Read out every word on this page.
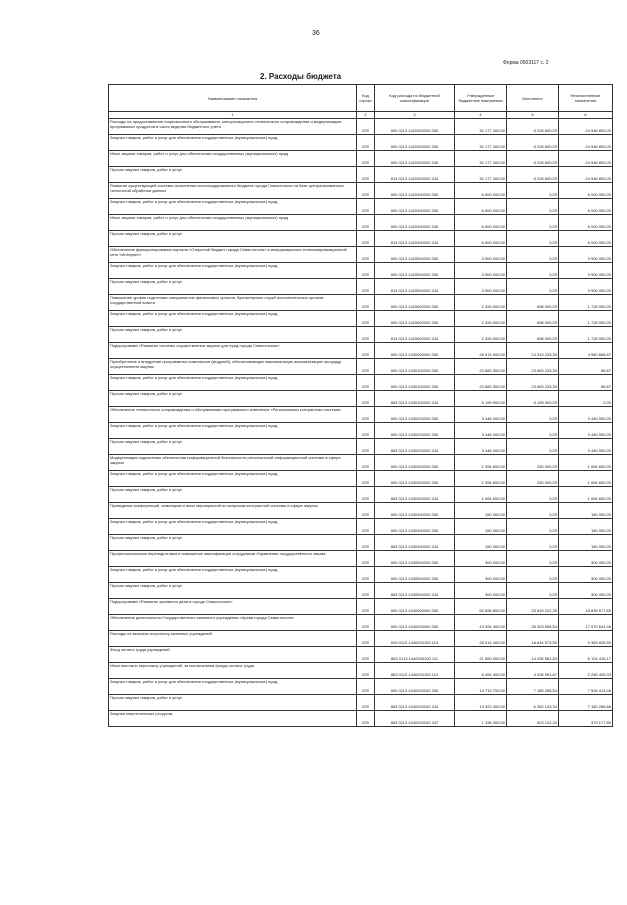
36
Форма 0503117 с. 2
2. Расходы бюджета
Наименование показателя	Код строки	Код расхода по бюджетной классификации	Утвержденные бюджетные назначения	Исполнено	Неисполненные назначения
1	2	3	4	5	6
Расходы на предоставление лицензионного обслуживания, консультационно-технического сопровождения и модернизацию программных продуктов в части ведения бюджетного учета	200	000 0113 1420300200 000	30 177 400,00	5 228 600,00	24 948 800,00
Закупка товаров, работ и услуг для обеспечения государственных (муниципальных) нужд	200	000 0113 1420300200 200	30 177 400,00	5 228 600,00	24 948 800,00
Иные закупки товаров, работ и услуг для обеспечения государственных (муниципальных) нужд	200	000 0113 1420300200 240	30 177 400,00	5 228 600,00	24 948 800,00
Прочая закупка товаров, работ и услуг	200	814 0113 1420300200 244	30 177 400,00	5 228 600,00	24 948 800,00
Развитие существующей системы исполнения консолидированного бюджета города Севастополя на базе централизованных технологий обработки данных	200	000 0113 1420400200 000	6 000 000,00	0,00	6 000 000,00
Закупка товаров, работ и услуг для обеспечения государственных (муниципальных) нужд	200	000 0113 1420400200 200	6 000 000,00	0,00	6 000 000,00
Иные закупки товаров, работ и услуг для обеспечения государственных (муниципальных) нужд	200	000 0113 1420400200 240	6 000 000,00	0,00	6 000 000,00
Прочая закупка товаров, работ и услуг	200	814 0113 1420400200 244	6 000 000,00	0,00	6 000 000,00
Обеспечение функционирования портала «Открытый бюджет города Севастополя» в информационно-телекоммуникационной сети «Интернет»	200	000 0113 1420500200 000	3 900 000,00	0,00	3 900 000,00
Закупка товаров, работ и услуг для обеспечения государственных (муниципальных) нужд	200	000 0113 1420500200 200	3 900 000,00	0,00	3 900 000,00
Прочая закупка товаров, работ и услуг	200	814 0113 1420500200 244	3 900 000,00	0,00	3 900 000,00
Повышение уровня подготовки специалистов финансовых органов, бухгалтерских служб исполнительных органов государственной власти	200	000 0113 1420600200 000	2 326 000,00	598 000,00	1 728 000,00
Закупка товаров, работ и услуг для обеспечения государственных (муниципальных) нужд	200	000 0113 1420600200 200	2 326 000,00	598 000,00	1 728 000,00
Прочая закупка товаров, работ и услуг	200	814 0113 1420600200 244	2 326 000,00	598 000,00	1 728 000,00
Подпрограмма «Развитие системы осуществления закупок для нужд города Севастополя»	200	000 0113 1430000000 000	28 974 900,00	24 013 233,33	4 960 666,67
Приобретение и внедрение программных комплексов (модулей), обеспечивающих максимальную автоматизацию процедур осуществления закупок	200	000 0113 1430100200 000	23 683 300,00	23 683 233,33	66,67
Закупка товаров, работ и услуг для обеспечения государственных (муниципальных) нужд	200	000 0113 1430100200 200	23 683 300,00	23 683 233,33	66,67
Прочая закупка товаров, работ и услуг	200	863 0113 1430100200 244	5 199 900,00	5 199 900,00	0,00
Обеспечение технического сопровождения и обслуживания программного комплекса «Региональная контрактная система»	200	000 0113 1430200200 000	3 446 000,00	0,00	3 446 000,00
Закупка товаров, работ и услуг для обеспечения государственных (муниципальных) нужд	200	000 0113 1430200200 200	3 446 000,00	0,00	3 446 000,00
Прочая закупка товаров, работ и услуг	200	863 0113 1430200200 244	3 446 000,00	0,00	3 446 000,00
Модернизация подсистемы обеспечения информационной безопасности региональной информационной системы в сфере закупок	200	000 0113 1430300200 000	1 394 600,00	330 000,00	1 064 600,00
Закупка товаров, работ и услуг для обеспечения государственных (муниципальных) нужд	200	000 0113 1430300200 200	1 394 600,00	330 000,00	1 064 600,00
Прочая закупка товаров, работ и услуг	200	863 0113 1430300200 244	1 064 600,00	0,00	1 064 600,00
Проведение конференций, семинаров и иных мероприятий по вопросам контрактной системы в сфере закупок	200	000 0113 1430400200 000	150 000,00	0,00	150 000,00
Закупка товаров, работ и услуг для обеспечения государственных (муниципальных) нужд	200	000 0113 1430400200 200	150 000,00	0,00	150 000,00
Прочая закупка товаров, работ и услуг	200	863 0113 1430400200 244	150 000,00	0,00	150 000,00
Профессиональная переподготовка и повышение квалификации сотрудников Управления государственного заказа	200	000 0113 1430500200 000	300 000,00	0,00	300 000,00
Закупка товаров, работ и услуг для обеспечения государственных (муниципальных) нужд	200	000 0113 1430500200 200	300 000,00	0,00	300 000,00
Прочая закупка товаров, работ и услуг	200	863 0113 1430500200 244	300 000,00	0,00	300 000,00
Подпрограмма «Развитие архивного дела в городе Севастополе»	200	000 0113 1440000000 000	52 658 800,00	33 819 222,35	18 839 577,65
Обеспечение деятельности Государственного казенного учреждения «Архив города Севастополя»	200	000 0113 1440200000 000	43 394 300,00	26 323 658,54	17 070 641,46
Расходы на выплаты персоналу казенных учреждений	200	000 0113 1440200100 110	28 014 400,00	18 644 573,50	9 369 826,50
Фонд оплаты труда учреждений	200	863 0113 1440200100 111	21 560 000,00	14 435 581,83	6 124 418,17
Иные выплаты персоналу учреждений, за исключением фонда оплаты труда	200	863 0113 1440200100 112	6 454 400,00	4 208 991,67	2 245 408,33
Закупка товаров, работ и услуг для обеспечения государственных (муниципальных) нужд	200	000 0113 1440200100 200	14 719 700,00	7 185 285,54	7 534 414,46
Прочая закупка товаров, работ и услуг	200	863 0113 1440200100 244	13 522 400,00	6 362 133,34	7 160 266,66
Закупка энергетических ресурсов	200	863 0113 1440200100 247	1 196 300,00	823 122,20	373 177,80
